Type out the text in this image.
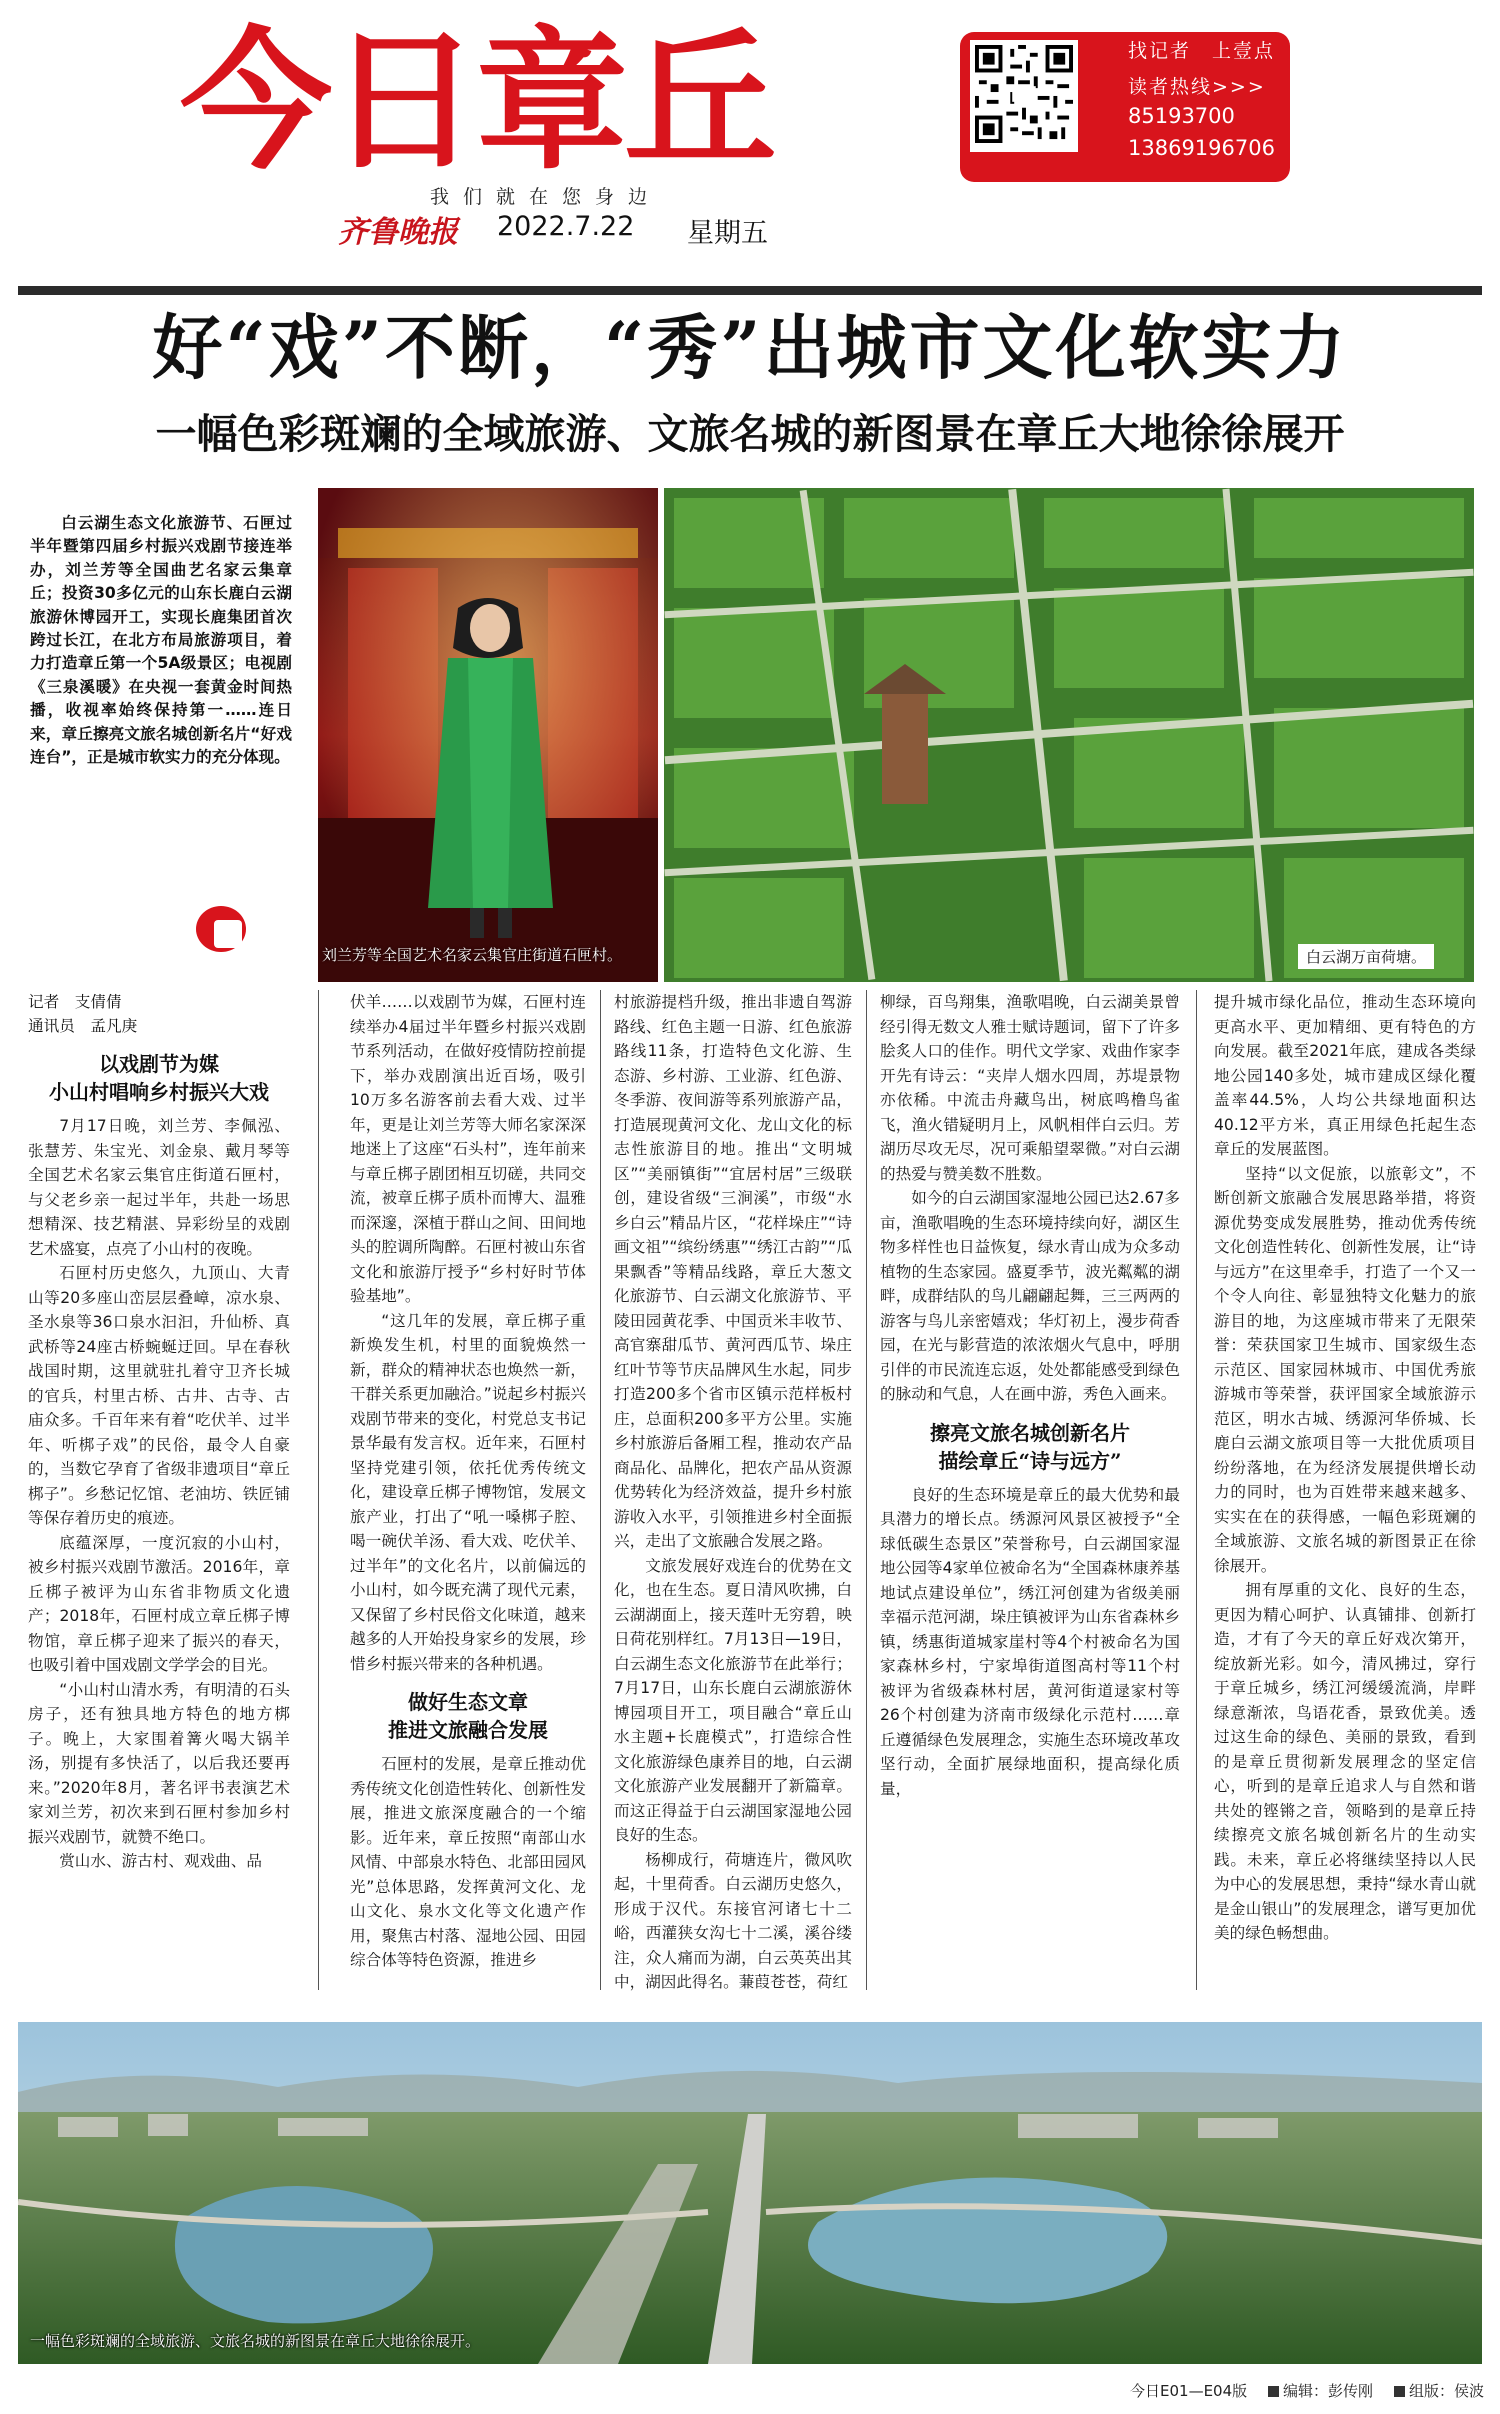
今日章丘
我们就在您身边
齐鲁晚报 2022.7.22 星期五
找记者　上壹点
读者热线>>>
85193700
13869196706
好“戏”不断，“秀”出城市文化软实力
一幅色彩斑斓的全域旅游、文旅名城的新图景在章丘大地徐徐展开

白云湖生态文化旅游节、石匣过半年暨第四届乡村振兴戏剧节接连举办，刘兰芳等全国曲艺名家云集章丘；投资30多亿元的山东长鹿白云湖旅游休博园开工，实现长鹿集团首次跨过长江，在北方布局旅游项目，着力打造章丘第一个5A级景区；电视剧《三泉溪暖》在央视一套黄金时间热播，收视率始终保持第一……连日来，章丘擦亮文旅名城创新名片“好戏连台”，正是城市软实力的充分体现。

刘兰芳等全国艺术名家云集官庄街道石匣村。	白云湖万亩荷塘。

记者　支倩倩

通讯员　孟凡庚

以戏剧节为媒
小山村唱响乡村振兴大戏

7月17日晚，刘兰芳、李佩泓、张慧芳、朱宝光、刘金泉、戴月琴等全国艺术名家云集官庄街道石匣村，与父老乡亲一起过半年，共赴一场思想精深、技艺精湛、异彩纷呈的戏剧艺术盛宴，点亮了小山村的夜晚。

石匣村历史悠久，九顶山、大青山等20多座山峦层层叠嶂，凉水泉、圣水泉等36口泉水汩汩，升仙桥、真武桥等24座古桥蜿蜒迂回。早在春秋战国时期，这里就驻扎着守卫齐长城的官兵，村里古桥、古井、古寺、古庙众多。千百年来有着“吃伏羊、过半年、听梆子戏”的民俗，最令人自豪的，当数它孕育了省级非遗项目“章丘梆子”。乡愁记忆馆、老油坊、铁匠铺等保存着历史的痕迹。

底蕴深厚，一度沉寂的小山村，被乡村振兴戏剧节激活。2016年，章丘梆子被评为山东省非物质文化遗产；2018年，石匣村成立章丘梆子博物馆，章丘梆子迎来了振兴的春天，也吸引着中国戏剧文学学会的目光。

“小山村山清水秀，有明清的石头房子，还有独具地方特色的地方梆子。晚上，大家围着篝火喝大锅羊汤，别提有多快活了，以后我还要再来。”2020年8月，著名评书表演艺术家刘兰芳，初次来到石匣村参加乡村振兴戏剧节，就赞不绝口。

赏山水、游古村、观戏曲、品

伏羊……以戏剧节为媒，石匣村连续举办4届过半年暨乡村振兴戏剧节系列活动，在做好疫情防控前提下，举办戏剧演出近百场，吸引10万多名游客前去看大戏、过半年，更是让刘兰芳等大师名家深深地迷上了这座“石头村”，连年前来与章丘梆子剧团相互切磋，共同交流，被章丘梆子质朴而博大、温雅而深邃，深植于群山之间、田间地头的腔调所陶醉。石匣村被山东省文化和旅游厅授予“乡村好时节体验基地”。

“这几年的发展，章丘梆子重新焕发生机，村里的面貌焕然一新，群众的精神状态也焕然一新，干群关系更加融洽。”说起乡村振兴戏剧节带来的变化，村党总支书记景华最有发言权。近年来，石匣村坚持党建引领，依托优秀传统文化，建设章丘梆子博物馆，发展文旅产业，打出了“吼一嗓梆子腔、喝一碗伏羊汤、看大戏、吃伏羊、过半年”的文化名片，以前偏远的小山村，如今既充满了现代元素，又保留了乡村民俗文化味道，越来越多的人开始投身家乡的发展，珍惜乡村振兴带来的各种机遇。

做好生态文章
推进文旅融合发展

石匣村的发展，是章丘推动优秀传统文化创造性转化、创新性发展，推进文旅深度融合的一个缩影。近年来，章丘按照“南部山水风情、中部泉水特色、北部田园风光”总体思路，发挥黄河文化、龙山文化、泉水文化等文化遗产作用，聚焦古村落、湿地公园、田园综合体等特色资源，推进乡

村旅游提档升级，推出非遗自驾游路线、红色主题一日游、红色旅游路线11条，打造特色文化游、生态游、乡村游、工业游、红色游、冬季游、夜间游等系列旅游产品，打造展现黄河文化、龙山文化的标志性旅游目的地。推出“文明城区”“美丽镇街”“宜居村居”三级联创，建设省级“三涧溪”，市级“水乡白云”精品片区，“花样垛庄”“诗画文祖”“缤纷绣惠”“绣江古韵”“瓜果飘香”等精品线路，章丘大葱文化旅游节、白云湖文化旅游节、平陵田园黄花季、中国贡米丰收节、高官寨甜瓜节、黄河西瓜节、垛庄红叶节等节庆品牌风生水起，同步打造200多个省市区镇示范样板村庄，总面积200多平方公里。实施乡村旅游后备厢工程，推动农产品商品化、品牌化，把农产品从资源优势转化为经济效益，提升乡村旅游收入水平，引领推进乡村全面振兴，走出了文旅融合发展之路。

文旅发展好戏连台的优势在文化，也在生态。夏日清风吹拂，白云湖湖面上，接天莲叶无穷碧，映日荷花别样红。7月13日—19日，白云湖生态文化旅游节在此举行；7月17日，山东长鹿白云湖旅游休博园项目开工，项目融合“章丘山水主题+长鹿模式”，打造综合性文化旅游绿色康养目的地，白云湖文化旅游产业发展翻开了新篇章。而这正得益于白云湖国家湿地公园良好的生态。

杨柳成行，荷塘连片，微风吹起，十里荷香。白云湖历史悠久，形成于汉代。东接官河诸七十二峪，西灌狭女沟七十二溪，溪谷缕注，众人痛而为湖，白云英英出其中，湖因此得名。蒹葭苍苍，荷红

柳绿，百鸟翔集，渔歌唱晚，白云湖美景曾经引得无数文人雅士赋诗题词，留下了许多脍炙人口的佳作。明代文学家、戏曲作家李开先有诗云：“夹岸人烟水四周，苏堤景物亦依稀。中流击舟藏鸟出，树底鸣橹鸟雀飞，渔火错疑明月上，风帆相伴白云归。芳湖历尽攻无尽，况可乘船望翠微。”对白云湖的热爱与赞美数不胜数。

如今的白云湖国家湿地公园已达2.67多亩，渔歌唱晚的生态环境持续向好，湖区生物多样性也日益恢复，绿水青山成为众多动植物的生态家园。盛夏季节，波光粼粼的湖畔，成群结队的鸟儿翩翩起舞，三三两两的游客与鸟儿亲密嬉戏；华灯初上，漫步荷香园，在光与影营造的浓浓烟火气息中，呼朋引伴的市民流连忘返，处处都能感受到绿色的脉动和气息，人在画中游，秀色入画来。

擦亮文旅名城创新名片
描绘章丘“诗与远方”

良好的生态环境是章丘的最大优势和最具潜力的增长点。绣源河风景区被授予“全球低碳生态景区”荣誉称号，白云湖国家湿地公园等4家单位被命名为“全国森林康养基地试点建设单位”，绣江河创建为省级美丽幸福示范河湖，垛庄镇被评为山东省森林乡镇，绣惠街道城家崖村等4个村被命名为国家森林乡村，宁家埠街道图高村等11个村被评为省级森林村居，黄河街道逯家村等26个村创建为济南市级绿化示范村……章丘遵循绿色发展理念，实施生态环境改革攻坚行动，全面扩展绿地面积，提高绿化质量，

提升城市绿化品位，推动生态环境向更高水平、更加精细、更有特色的方向发展。截至2021年底，建成各类绿地公园140多处，城市建成区绿化覆盖率44.5%，人均公共绿地面积达40.12平方米，真正用绿色托起生态章丘的发展蓝图。

坚持“以文促旅，以旅彰文”，不断创新文旅融合发展思路举措，将资源优势变成发展胜势，推动优秀传统文化创造性转化、创新性发展，让“诗与远方”在这里牵手，打造了一个又一个令人向往、彰显独特文化魅力的旅游目的地，为这座城市带来了无限荣誉：荣获国家卫生城市、国家级生态示范区、国家园林城市、中国优秀旅游城市等荣誉，获评国家全域旅游示范区，明水古城、绣源河华侨城、长鹿白云湖文旅项目等一大批优质项目纷纷落地，在为经济发展提供增长动力的同时，也为百姓带来越来越多、实实在在的获得感，一幅色彩斑斓的全域旅游、文旅名城的新图景正在徐徐展开。

拥有厚重的文化、良好的生态，更因为精心呵护、认真铺排、创新打造，才有了今天的章丘好戏次第开，绽放新光彩。如今，清风拂过，穿行于章丘城乡，绣江河缓缓流淌，岸畔绿意渐浓，鸟语花香，景致优美。透过这生命的绿色、美丽的景致，看到的是章丘贯彻新发展理念的坚定信心，听到的是章丘追求人与自然和谐共处的铿锵之音，领略到的是章丘持续擦亮文旅名城创新名片的生动实践。未来，章丘必将继续坚持以人民为中心的发展思想，秉持“绿水青山就是金山银山”的发展理念，谱写更加优美的绿色畅想曲。

一幅色彩斑斓的全域旅游、文旅名城的新图景在章丘大地徐徐展开。
今日E01—E04版	编辑：彭传刚	组版：侯波
